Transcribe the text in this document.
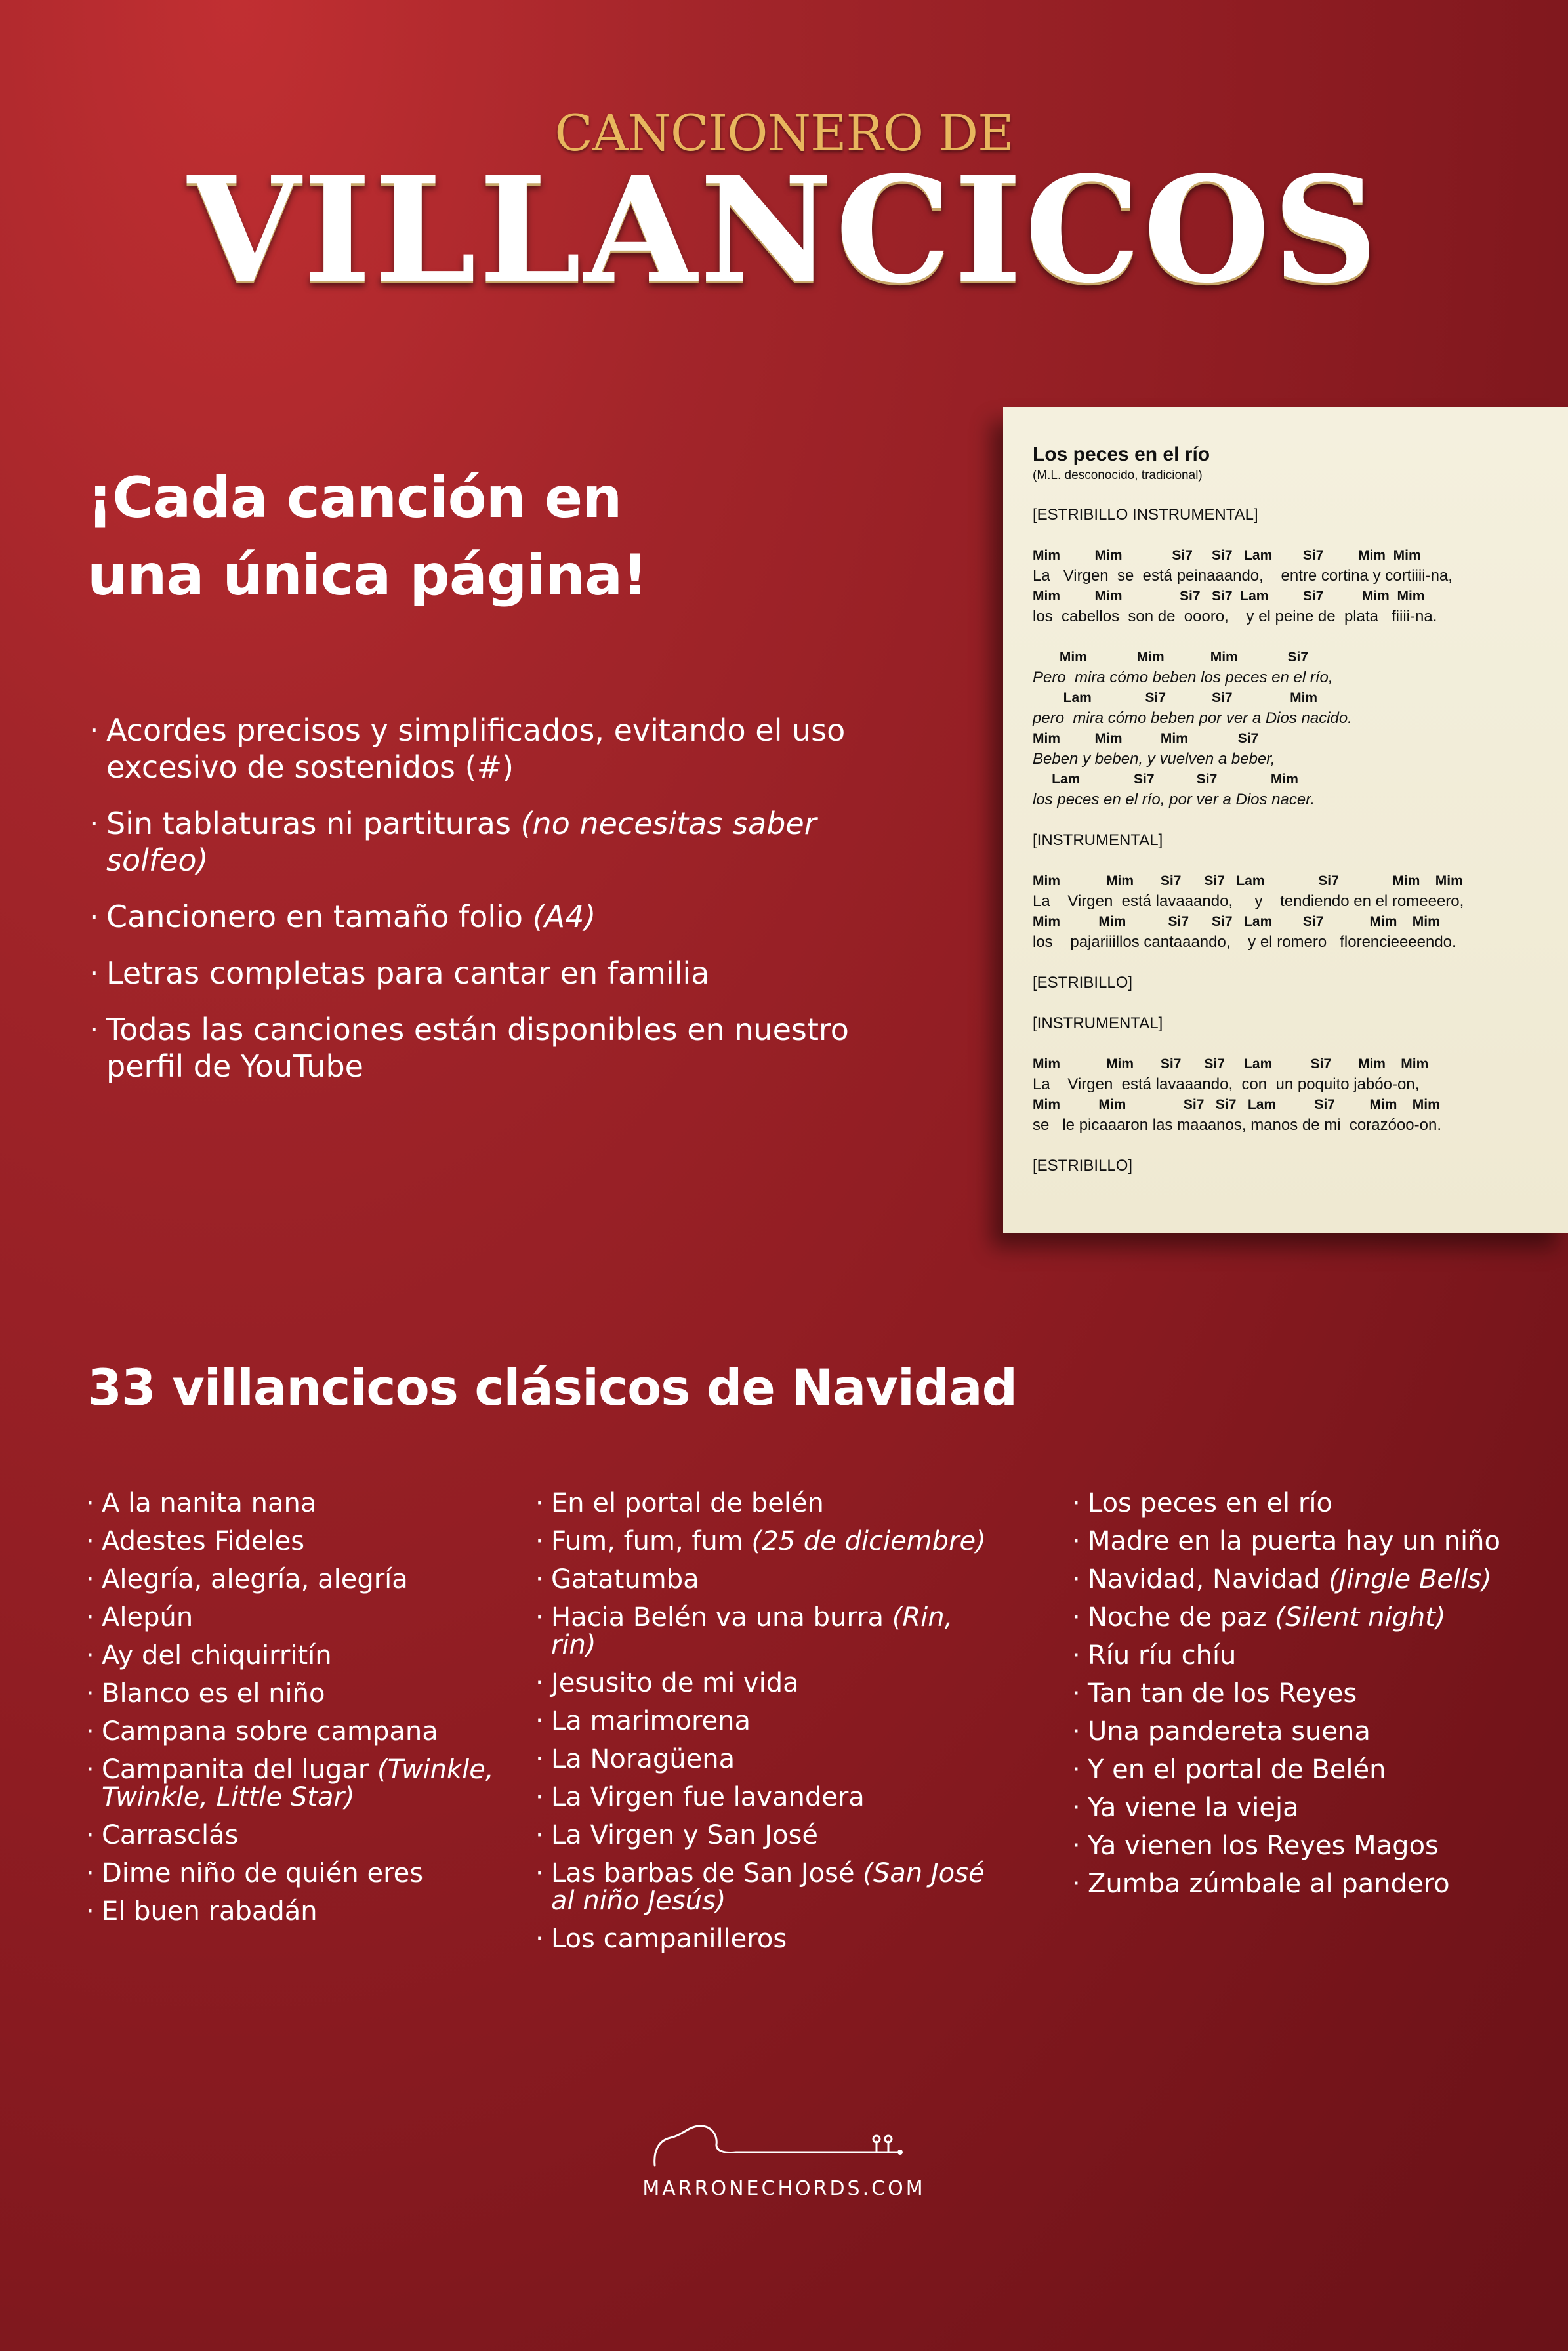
CANCIONERO DE
VILLANCICOS
¡Cada canción en
una única página!
· Acordes precisos y simplificados, evitando el uso excesivo de sostenidos (#)
· Sin tablaturas ni partituras (no necesitas saber solfeo)
· Cancionero en tamaño folio (A4)
· Letras completas para cantar en familia
· Todas las canciones están disponibles en nuestro perfil de YouTube
Los peces en el río
(M.L. desconocido, tradicional)
[ESTRIBILLO INSTRUMENTAL]
Mim         Mim             Si7     Si7   Lam        Si7         Mim  Mim
La   Virgen  se  está peinaaando,    entre cortina y cortiiii-na,
Mim         Mim               Si7   Si7  Lam         Si7          Mim  Mim
los  cabellos  son de  oooro,    y el peine de  plata   fiiii-na.
Mim             Mim            Mim             Si7
Pero  mira cómo beben los peces en el río,
Lam              Si7            Si7               Mim
pero  mira cómo beben por ver a Dios nacido.
Mim         Mim          Mim             Si7
Beben y beben, y vuelven a beber,
Lam              Si7           Si7              Mim
los peces en el río, por ver a Dios nacer.
[INSTRUMENTAL]
Mim            Mim       Si7      Si7   Lam              Si7              Mim    Mim
La    Virgen  está lavaaando,     y    tendiendo en el romeeero,
Mim          Mim           Si7      Si7   Lam        Si7            Mim    Mim
los    pajariiillos cantaaando,    y el romero   florencieeeendo.
[ESTRIBILLO]
[INSTRUMENTAL]
Mim            Mim       Si7      Si7     Lam          Si7       Mim    Mim
La    Virgen  está lavaaando,  con  un poquito jabóo-on,
Mim          Mim               Si7   Si7   Lam          Si7         Mim    Mim
se   le picaaaron las maaanos, manos de mi  corazóoo-on.
[ESTRIBILLO]
33 villancicos clásicos de Navidad
· A la nanita nana
· Adestes Fideles
· Alegría, alegría, alegría
· Alepún
· Ay del chiquirritín
· Blanco es el niño
· Campana sobre campana
· Campanita del lugar (Twinkle, Twinkle, Little Star)
· Carrasclás
· Dime niño de quién eres
· El buen rabadán
· En el portal de belén
· Fum, fum, fum (25 de diciembre)
· Gatatumba
· Hacia Belén va una burra (Rin, rin)
· Jesusito de mi vida
· La marimorena
· La Noragüena
· La Virgen fue lavandera
· La Virgen y San José
· Las barbas de San José (San José al niño Jesús)
· Los campanilleros
· Los peces en el río
· Madre en la puerta hay un niño
· Navidad, Navidad (Jingle Bells)
· Noche de paz (Silent night)
· Ríu ríu chíu
· Tan tan de los Reyes
· Una pandereta suena
· Y en el portal de Belén
· Ya viene la vieja
· Ya vienen los Reyes Magos
· Zumba zúmbale al pandero
MARRONECHORDS.COM
